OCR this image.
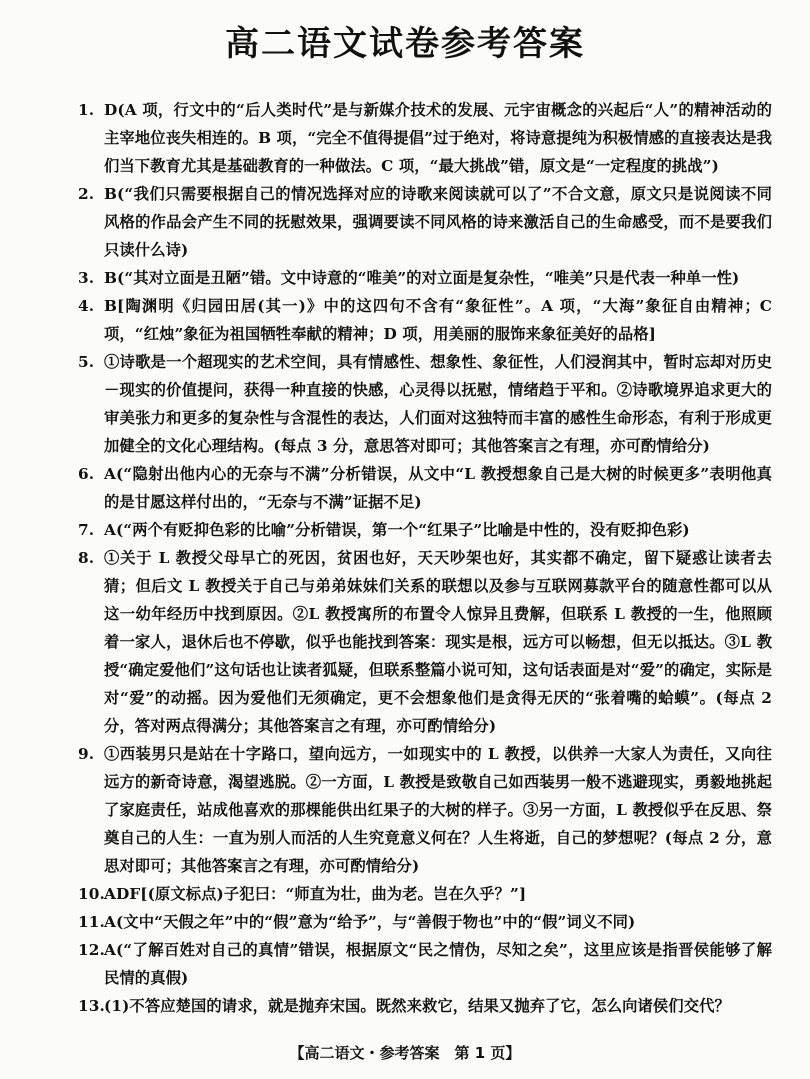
高二语文试卷参考答案
1. D(A 项，行文中的“后人类时代”是与新媒介技术的发展、元宇宙概念的兴起后“人”的精神活动的主宰地位丧失相连的。B 项，“完全不值得提倡”过于绝对，将诗意提纯为积极情感的直接表达是我们当下教育尤其是基础教育的一种做法。C 项，“最大挑战”错，原文是“一定程度的挑战”)
2. B(“我们只需要根据自己的情况选择对应的诗歌来阅读就可以了”不合文意，原文只是说阅读不同风格的作品会产生不同的抚慰效果，强调要读不同风格的诗来激活自己的生命感受，而不是要我们只读什么诗)
3. B(“其对立面是丑陋”错。文中诗意的“唯美”的对立面是复杂性，“唯美”只是代表一种单一性)
4. B[陶渊明《归园田居(其一)》中的这四句不含有“象征性”。A 项，“大海”象征自由精神；C 项，“红烛”象征为祖国牺牲奉献的精神；D 项，用美丽的服饰来象征美好的品格]
5. ①诗歌是一个超现实的艺术空间，具有情感性、想象性、象征性，人们浸润其中，暂时忘却对历史－现实的价值提问，获得一种直接的快感，心灵得以抚慰，情绪趋于平和。②诗歌境界追求更大的审美张力和更多的复杂性与含混性的表达，人们面对这独特而丰富的感性生命形态，有利于形成更加健全的文化心理结构。(每点 3 分，意思答对即可；其他答案言之有理，亦可酌情给分)
6. A(“隐射出他内心的无奈与不满”分析错误，从文中“L 教授想象自己是大树的时候更多”表明他真的是甘愿这样付出的，“无奈与不满”证据不足)
7. A(“两个有贬抑色彩的比喻”分析错误，第一个“红果子”比喻是中性的，没有贬抑色彩)
8. ①关于 L 教授父母早亡的死因，贫困也好，天天吵架也好，其实都不确定，留下疑惑让读者去猜；但后文 L 教授关于自己与弟弟妹妹们关系的联想以及参与互联网募款平台的随意性都可以从这一幼年经历中找到原因。②L 教授寓所的布置令人惊异且费解，但联系 L 教授的一生，他照顾着一家人，退休后也不停歇，似乎也能找到答案：现实是根，远方可以畅想，但无以抵达。③L 教授“确定爱他们”这句话也让读者狐疑，但联系整篇小说可知，这句话表面是对“爱”的确定，实际是对“爱”的动摇。因为爱他们无须确定，更不会想象他们是贪得无厌的“张着嘴的蛤蟆”。(每点 2 分，答对两点得满分；其他答案言之有理，亦可酌情给分)
9. ①西装男只是站在十字路口，望向远方，一如现实中的 L 教授，以供养一大家人为责任，又向往远方的新奇诗意，渴望逃脱。②一方面，L 教授是致敬自己如西装男一般不逃避现实，勇毅地挑起了家庭责任，站成他喜欢的那棵能供出红果子的大树的样子。③另一方面，L 教授似乎在反思、祭奠自己的人生：一直为别人而活的人生究竟意义何在？人生将逝，自己的梦想呢？(每点 2 分，意思对即可；其他答案言之有理，亦可酌情给分)
10. ADF[(原文标点)子犯曰：“师直为壮，曲为老。岂在久乎？”]
11. A(文中“天假之年”中的“假”意为“给予”，与“善假于物也”中的“假”词义不同)
12. A(“了解百姓对自己的真情”错误，根据原文“民之情伪，尽知之矣”，这里应该是指晋侯能够了解民情的真假)
13. (1)不答应楚国的请求，就是抛弃宋国。既然来救它，结果又抛弃了它，怎么向诸侯们交代？
【高二语文・参考答案　第 1 页】
